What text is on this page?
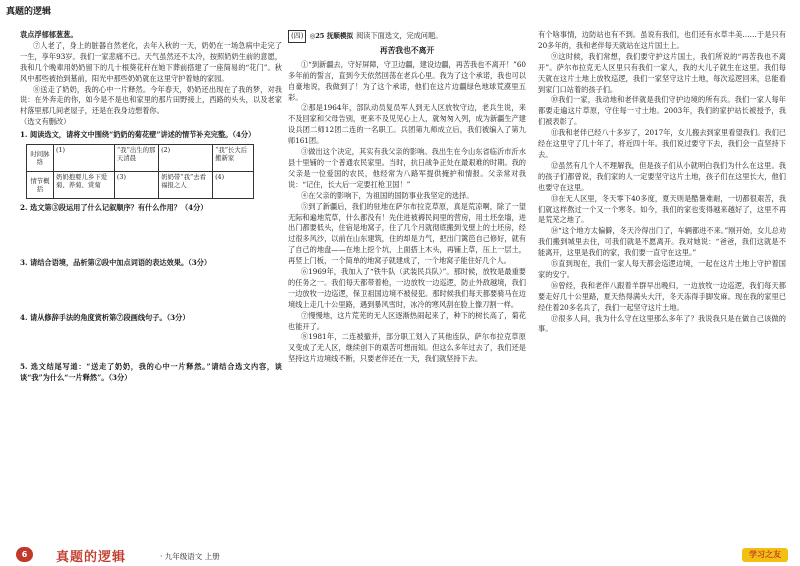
真题的逻辑

袁点浮郁郁葱葱。

⑦人老了，身上的脏器自然老化，去年入秋的一天，奶奶在一场急病中走完了一生，享年93岁。我们一家悲痛不已。天气虽然还不太冷，按照奶奶生前的意愿，我和几个晚辈用奶奶留下的几十根葵花秆在她下葬前搭建了一座简易的“花门”。秋风中那些被抬到墓前，阳光中那些奶奶就在这里守护着她的家园。

⑧送走了奶奶，我的心中一片释然。今年春天，奶奶还出现在了我的梦，对我说：在外奔走的你，如今是不是也和家里的那片田野接上，西路的头头，以及老家村落里那几间老屋子，还是在我身边想着你。

（选文有删改）

1. 阅读选文，请将文中围绕“奶奶的菊花壁”讲述的情节补充完整。（4分）

时间脉络	(1)	“我”出生的那天清晨	(2)	“我”长大后搬新家
情节概括	奶奶抱婴儿乡下爱菊、养菊、赏菊	(3)	奶奶带“我”去看福报之人	(4)

2. 选文第③段运用了什么记叙顺序？有什么作用？（4分）

3. 请结合语境，品析第②段中加点词语的表达效果。（3分）

4. 请从修辞手法的角度赏析第⑦段画线句子。（3分）

5. 选文结尾写道：“送走了奶奶，我的心中一片释然。”请结合选文内容，谈谈“我”为什么“一片释然”。（3分）

(四) ◎25 抚顺模拟 阅读下面选文，完成问题。
再苦我也不离开

①“到新疆去，守好屏障，守卫边疆，建设边疆，再苦我也不离开！”60多年前的誓言，直到今天依然回荡在老兵心里。我为了这个承诺，我也可以自豪地说，我做到了！为了这个承诺，他们在这片边疆绿色地球荒漠里五彩。

②那是1964年，部队动员复员军人到无人区放牧守边，老兵生说，来不及回家和父母告别，更来不及见见心上人，就匆匆入列，成为新疆生产建设兵团二师12团二连的一名职工。兵团第九师成立后，我们被编入了第九师161团。

③做出这个决定，其实有我父亲的影响。我出生在今山东省临沂市沂水县十里铺的一个普通农民家里。当时，抗日战争正处在最艰难的时期。我的父亲是一位爱国的农民，他经常为八路军提供掩护和情报。父亲常对我说：“记住，长大后一定要扛枪卫国！”

④在父亲的影响下，为祖国的国防事业我坚定的选择。

⑤到了新疆后，我们的驻地在萨尔布拉克草原，真是荒凉啊，除了一望无际和遍地荒草，什么都没有！先住进被褥民间里的营房，用土坯垒墙，进出门都要低头，住宿是地窝子，住了几个月就彻底搬到戈壁上的土坯房，经过很多风沙，以前在山东建筑，住的却是力气，把出门篱笆自己修好，就有了自己的地盘——在地上挖个坑，上面搭上木头，再铺上草，压上一层土，再竖上门板，一个简单的地窝子就建成了，一个地窝子能住好几个人。

⑥1969年，我加入了“铁牛队（武装民兵队）”。那时候，放牧是最重要的任务之一。我们每天都带着枪，一边放牧一边巡逻，防止外敌越境，我们一边放牧一边巡逻，保卫祖国边境不被侵犯。那时候我们每天都要骑马在边境线上走几十公里路，遇到暴风雪时，冰冷的寒风刮在脸上像刀割一样。

⑦慢慢地，这片荒芜的无人区逐渐热闹起来了，种下的树长高了，菊花也能开了。

⑧1981年，二连被撤并，部分职工划入了其他连队，萨尔布拉克草原又变成了无人区，继续创下的艰苦可想而知。但这么多年过去了，我们还是坚持这片边境线不断，只要老伴还在一天，我们就坚持下去。

有个啥事情，边防站也有不到。虽说有我们，也们还有水草丰美……于是只有20多年的，我和老伴每天就站在这片国土上。

⑨这时候，我们常想，我们要守护这片国土，我们所说的“再苦我也不离开”。萨尔布拉克无人区里只有我们一家人，我的大儿子就生在这里。我们每天就在这片土地上放牧巡逻，我们一家坚守这片土地，每次巡逻回来，总能看到家门口站着的孩子们。

⑩我们一家，我动地和老伴就是我们守护边境的所有兵。我们一家人每年都要走遍这片草原，守住每一寸土地。2003年，我们的家护站长被授予，我们被表彰了。

⑪我和老伴已经八十多岁了，2017年，女儿搬去到家里看望我们。我们已经在这里守了几十年了，将近四十年。我们说过要守下去，我们会一直坚持下去。

⑫虽然有几个人不理解我，但是孩子们从小就明白我们为什么在这里。我的孩子们都曾说，我们家的人一定要坚守这片土地，孩子们在这里长大，他们也要守在这里。

⑬在无人区里，冬天零下40多度，夏天则是酷暑难耐，一切都很艰苦，我们就这样熬过一个又一个寒冬。如今，我们的家也变得越来越好了，这里不再是荒芜之地了。

⑭“这个地方太偏僻，冬天冷得出门了，车辆都进不来。”刚开始，女儿总劝我们搬到城里去住，可我们就是不愿离开。我对她说：“爸爸，我们这就是不能离开，这里是我们的家，我们要一直守在这里。”

⑮直到现在，我们一家人每天都会巡逻边境，一起在这片土地上守护着国家的安宁。

⑯曾经，我和老伴八跟着羊群早出晚归，一边放牧一边巡逻，我们每天都要走好几十公里路，夏天热得满头大汗，冬天冻得手脚发麻。现在我的家里已经住着20多名兵了，我们一起坚守这片土地。

⑰很多人问，我为什么守在这里那么多年了？我说我只是在做自己该做的事。

6	真题的逻辑	· 九年级语文 上册	学习之友
